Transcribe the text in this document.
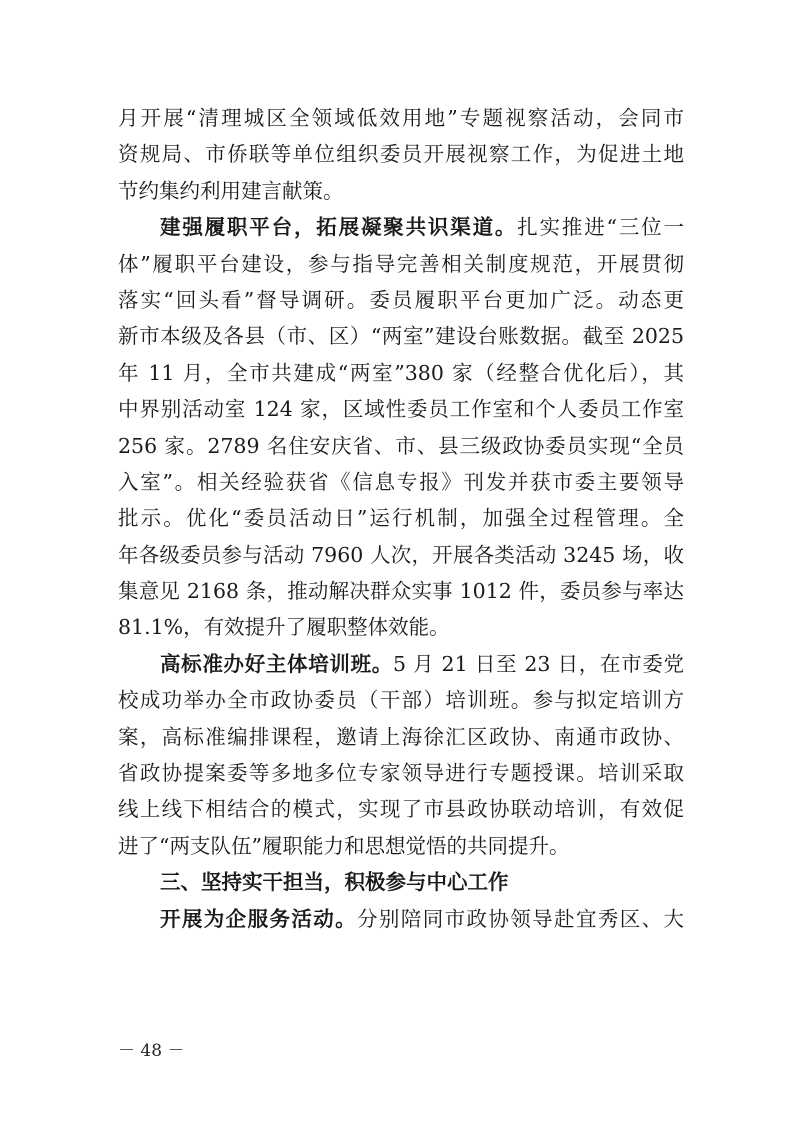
月开展“清理城区全领域低效用地”专题视察活动，会同市
资规局、市侨联等单位组织委员开展视察工作，为促进土地
节约集约利用建言献策。
建强履职平台，拓展凝聚共识渠道。扎实推进“三位一
体”履职平台建设，参与指导完善相关制度规范，开展贯彻
落实“回头看”督导调研。委员履职平台更加广泛。动态更
新市本级及各县（市、区）“两室”建设台账数据。截至 2025
年 11 月，全市共建成“两室”380 家（经整合优化后），其
中界别活动室 124 家，区域性委员工作室和个人委员工作室
256 家。2789 名住安庆省、市、县三级政协委员实现“全员
入室”。相关经验获省《信息专报》刊发并获市委主要领导
批示。优化“委员活动日”运行机制，加强全过程管理。全
年各级委员参与活动 7960 人次，开展各类活动 3245 场，收
集意见 2168 条，推动解决群众实事 1012 件，委员参与率达
81.1%，有效提升了履职整体效能。
高标准办好主体培训班。5 月 21 日至 23 日，在市委党
校成功举办全市政协委员（干部）培训班。参与拟定培训方
案，高标准编排课程，邀请上海徐汇区政协、南通市政协、
省政协提案委等多地多位专家领导进行专题授课。培训采取
线上线下相结合的模式，实现了市县政协联动培训，有效促
进了“两支队伍”履职能力和思想觉悟的共同提升。
三、坚持实干担当，积极参与中心工作
开展为企服务活动。分别陪同市政协领导赴宜秀区、大
－ 48 －
